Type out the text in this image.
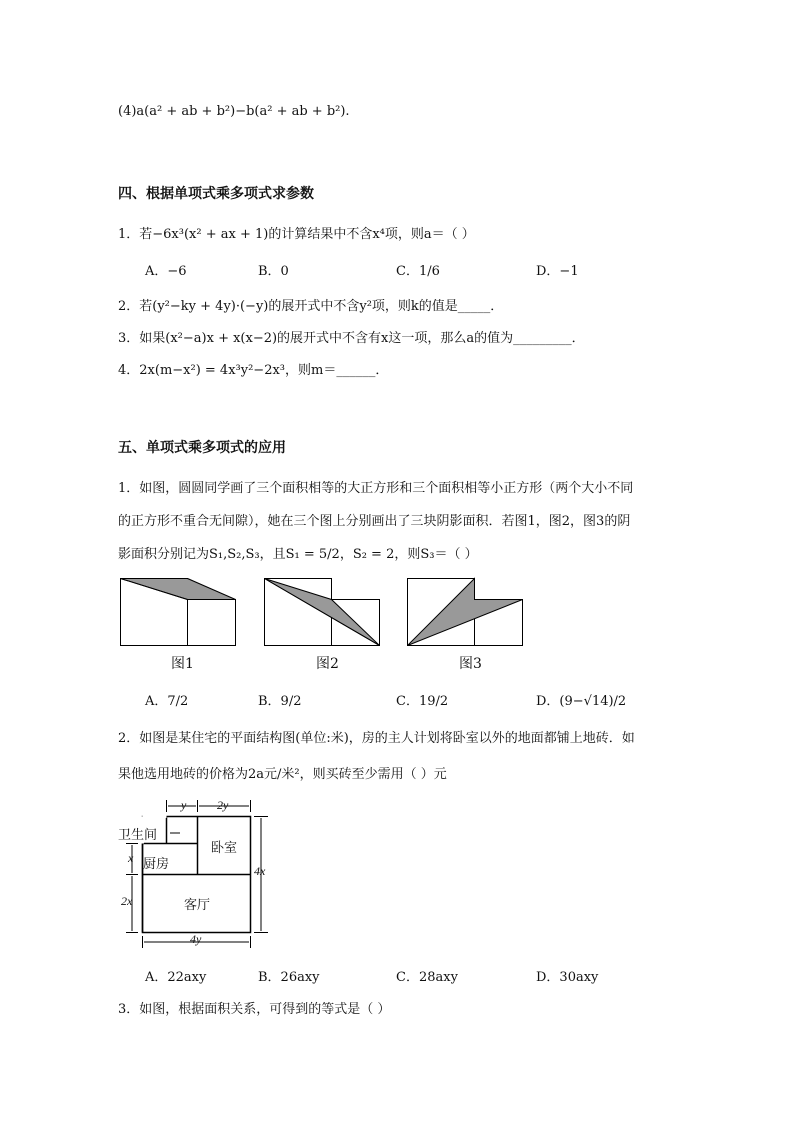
(4)a(a² + ab + b²)−b(a² + ab + b²).
四、根据单项式乘多项式求参数
1．若−6x³(x² + ax + 1)的计算结果中不含x⁴项，则a＝（ ）
A．−6	B．0	C．1/6	D．−1
2．若(y²−ky + 4y)·(−y)的展开式中不含y²项，则k的值是_____．
3．如果(x²−a)x + x(x−2)的展开式中不含有x这一项，那么a的值为_________．
4．2x(m−x²) = 4x³y²−2x³，则m＝______．
五、单项式乘多项式的应用
1．如图，圆圆同学画了三个面积相等的大正方形和三个面积相等小正方形（两个大小不同
的正方形不重合无间隙），她在三个图上分别画出了三块阴影面积．若图1，图2，图3的阴
影面积分别记为S₁,S₂,S₃，且S₁ = 5/2，S₂ = 2，则S₃＝（ ）
图1	图2	图3
A．7/2	B．9/2	C．19/2	D．(9−√14)/2
2．如图是某住宅的平面结构图(单位:米)，房的主人计划将卧室以外的地面都铺上地砖．如
果他选用地砖的价格为2a元/米²，则买砖至少需用（ ）元
卫生间
厨房
卧室
客厅
y	2y
x
2x
4x
4y
A．22axy	B．26axy	C．28axy	D．30axy
3．如图，根据面积关系，可得到的等式是（ ）
